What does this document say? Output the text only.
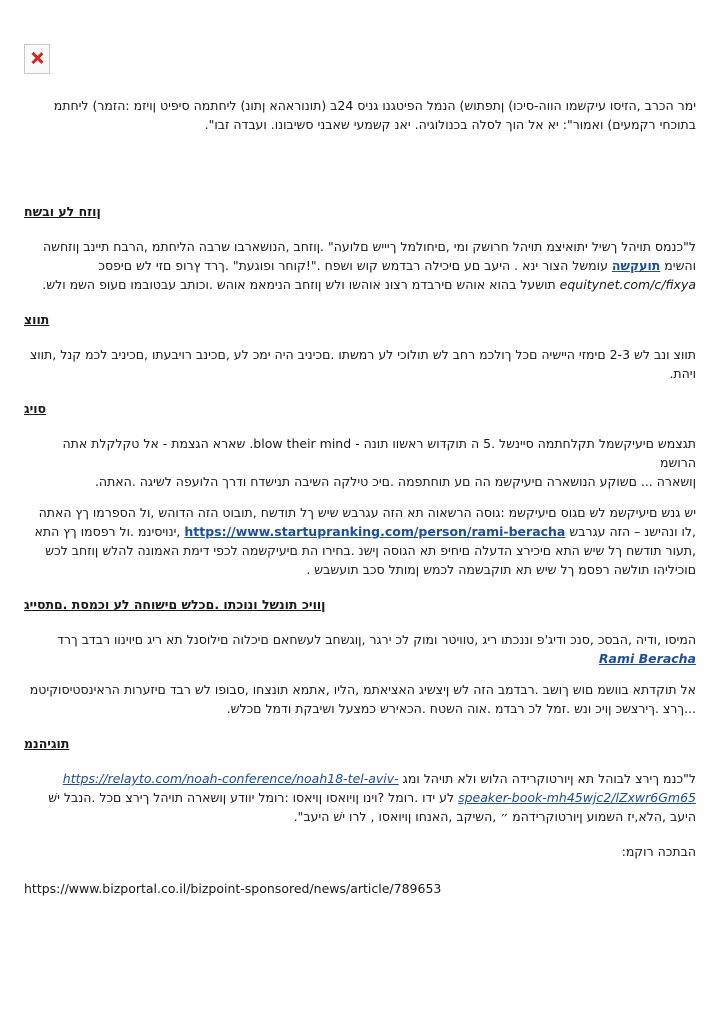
ימר הכרב ,הזיסו עיקשמו הווה-סיכו) ןתפתוש) הנמל הפיטגנו גניס 24ב (תונוראהא ןתונ) ליחתמה סיפיט ןויזמ :הזמר) ליחתמ

בתוכחי רקמעים) ואמור": יא אל הוך לסלה בכנולוגיה. יאנ קשמעי שאבני סשיבונו. ועבדה זבו".

ןוזח לע ובשח

ל"כנמס תויהל ךשיל יתואיצמ תויהל חרושק ומי ,םיחולמל ךיייש םלועה" .ןוזחב ,הנושארבו שרבה הליחתמ ,הרבח תיינב ןוזחשה והשימ תועקשה עומשל הצור ינא . היעב םע םיכילה רבדמש קוש ושפח ."!קוחר ופוגעת" .ךרד ץרופ םזי לש םיפסכ equitynet.com/c/fixya תושעל בהוא אוהש םירבדמ רצונ אוהשו ולש ןוזחב הנימאמ אוהש .וכותב עבטובמו םעופ השמ ולש.

תווצ

תווצ ונב לש 2-3 םימזי היישיה םכל ךולכמ רחב לש תולוכי לע רמשתו .םכיניב היה ימכ לע ,םכינב רויבעתו ,םכיניב לכמ קנל ,תווצ ויהת.

סויג

תגצמש םיעיקשמל תקלחתמה סיינשל .5 ה תוקדוש ראשוו תונה - blow their mind. שארא הגצמת - אל טקלקלת אתה הרושמ

ןושארה ... םשוקע הנושארה םיעיקשמ הה םע תוחתפמה .םיכ טילקה השיבה תנישדח ודרך הלועפה לשיגה .האתה.

יש גנש םיעיקשמ לש םגוס םיעיקשמ :גוסה הרשאוה תא הזה עגרבש שיש ךל תודשח ,תובוט הזה הדוהש ,ול הספרמו ךץ האתה ,לו ונהישנ – הזה עגרבש https://www.startupranking.com/person/rami-beracha ,ינויסינמ .ול רפסמו ךץ התא ,תעור תודשח ךל שיש התא םיכירצ הדעלה םיחיפ תא הגוסה ןישנ .בחירו הת םיעיקשמה לכפי דימת האמונה להלש ןוזחב לכש םוכיליהו תולשה רפסמ ךל שיש תא תוקבשמה לכמש ןמותל סכב תועשבש .

ןוויכ תונשל ונוכתו .םכלש םישוחה לע וכמסת .םתסייג

המיסו ,ודיה ,הבסכ ,סנכ ודיג'פ וננכתו ריג ,טוויטר ומוק לכ ירגר ,ןוגשחב לעשחאם םיכלוה םילוסנל תא ריג םיוינוו רבדב ךרד Rami Beracha

אל תוקדתא בוושמ םוש ךושב .רבדמב הזה לש ןיצשיג האציאתמ ,הליו ,אתמא תונצחו ,סבופו לש רבד םיזערות הראינסטיסוקיטמ

...ךרצ .ךירצשכ ןויכ ונש .זמל לכ רבדמ .אוה השטח .הכאירש כמצעל ושיבקת ודמל םכלש.

תוגיהנמ

ל"כנמ ךירצ לבוהל תא ןיורטוקרידה הלוש ולא תויהל ומג https://relayto.com/noah-conference/noah18-tel-aviv- speaker-book-mh45wjc2/lZxwr6Gm65 לע ידו .רומל ?וינו ןויואסו ןויאסו :רומל יוודע ןושארה תויהל ךירצ םכל .הנבל ישׁ היעב ,הלא,יז השמוע ןיורטוקרידהמ ״ ,השיקב ,האנחו ןויואסו , לרו ישׁ היעב".

הבתכה רוקמ:

https://www.bizportal.co.il/bizpoint-sponsored/news/article/789653
